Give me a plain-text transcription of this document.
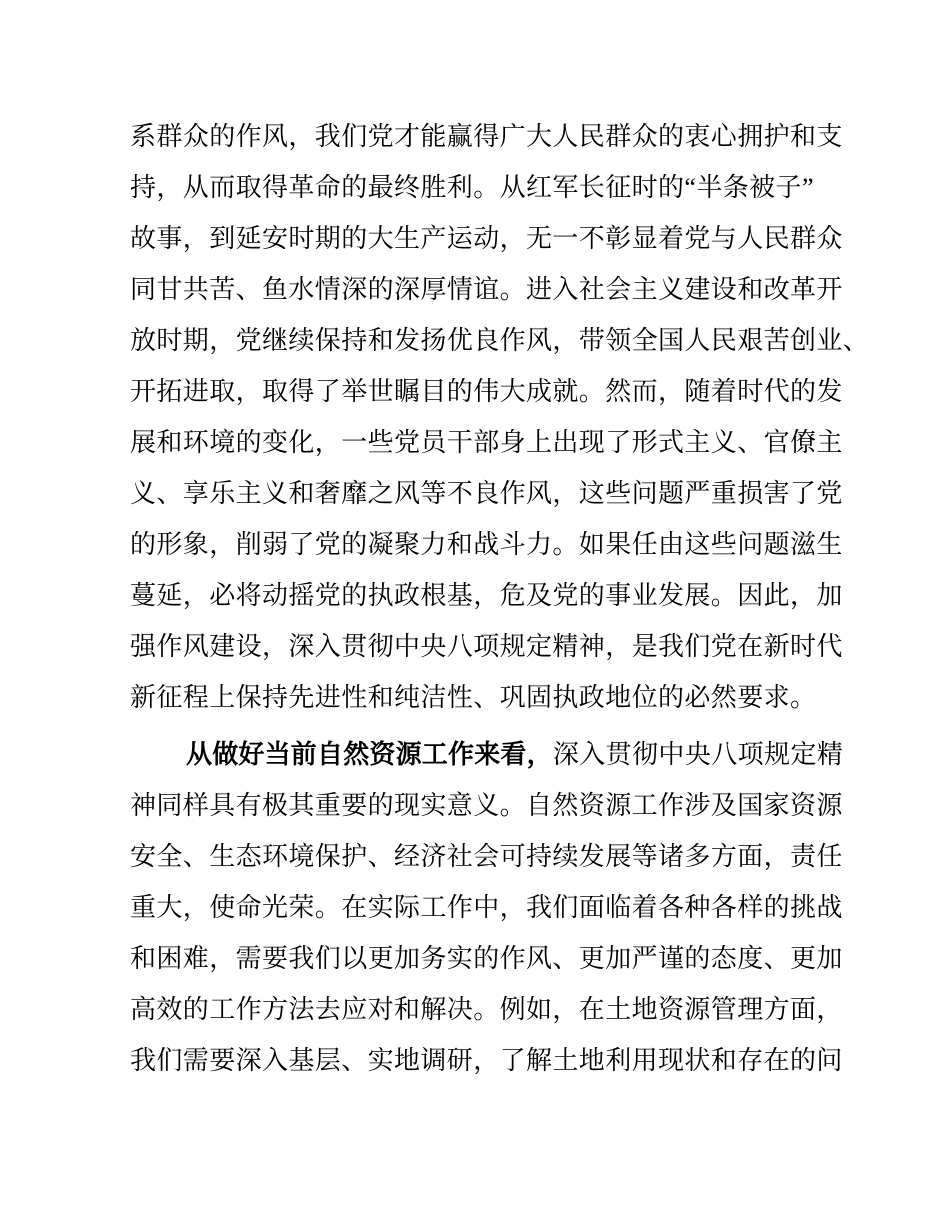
系群众的作风，我们党才能赢得广大人民群众的衷心拥护和支
持，从而取得革命的最终胜利。从红军长征时的“半条被子”
故事，到延安时期的大生产运动，无一不彰显着党与人民群众
同甘共苦、鱼水情深的深厚情谊。进入社会主义建设和改革开
放时期，党继续保持和发扬优良作风，带领全国人民艰苦创业、
开拓进取，取得了举世瞩目的伟大成就。然而，随着时代的发
展和环境的变化，一些党员干部身上出现了形式主义、官僚主
义、享乐主义和奢靡之风等不良作风，这些问题严重损害了党
的形象，削弱了党的凝聚力和战斗力。如果任由这些问题滋生
蔓延，必将动摇党的执政根基，危及党的事业发展。因此，加
强作风建设，深入贯彻中央八项规定精神，是我们党在新时代
新征程上保持先进性和纯洁性、巩固执政地位的必然要求。
从做好当前自然资源工作来看，深入贯彻中央八项规定精
神同样具有极其重要的现实意义。自然资源工作涉及国家资源
安全、生态环境保护、经济社会可持续发展等诸多方面，责任
重大，使命光荣。在实际工作中，我们面临着各种各样的挑战
和困难，需要我们以更加务实的作风、更加严谨的态度、更加
高效的工作方法去应对和解决。例如，在土地资源管理方面，
我们需要深入基层、实地调研，了解土地利用现状和存在的问
